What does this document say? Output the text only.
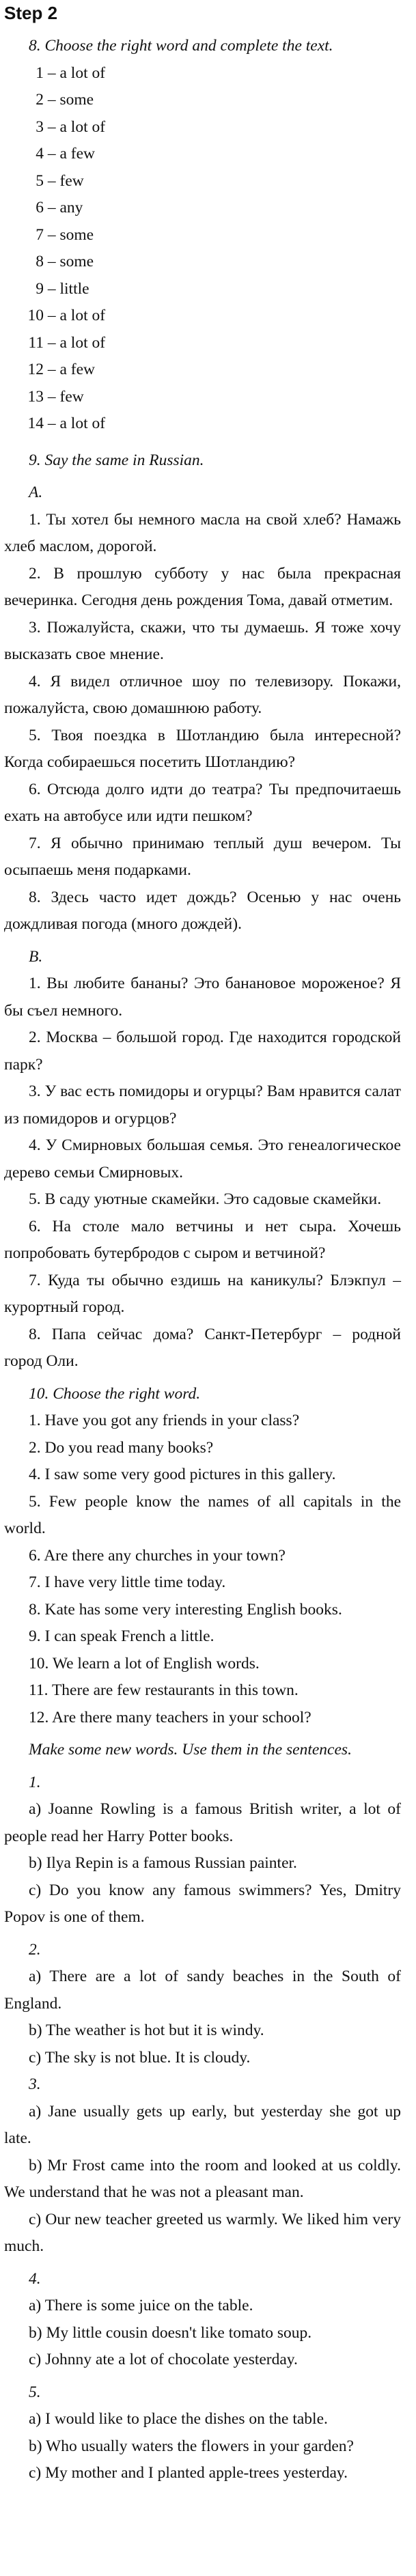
Step 2

8. Choose the right word and complete the text.

1 – a lot of
2 – some
3 – a lot of
4 – a few
5 – few
6 – any
7 – some
8 – some
9 – little
10 – a lot of
11 – a lot of
12 – a few
13 – few
14 – a lot of

9. Say the same in Russian.

A.

1. Ты хотел бы немного масла на свой хлеб? Намажь хлеб маслом, дорогой.

2. В прошлую субботу у нас была прекрасная вечеринка. Сегодня день рождения Тома, давай отметим.

3. Пожалуйста, скажи, что ты думаешь. Я тоже хочу высказать свое мнение.

4. Я видел отличное шоу по телевизору. Покажи, пожалуйста, свою домашнюю работу.

5. Твоя поездка в Шотландию была интересной? Когда собираешься посетить Шотландию?

6. Отсюда долго идти до театра? Ты предпочитаешь ехать на автобусе или идти пешком?

7. Я обычно принимаю теплый душ вечером. Ты осыпаешь меня подарками.

8. Здесь часто идет дождь? Осенью у нас очень дождливая погода (много дождей).

B.

1. Вы любите бананы? Это банановое мороженое? Я бы съел немного.

2. Москва – большой город. Где находится городской парк?

3. У вас есть помидоры и огурцы? Вам нравится салат из помидоров и огурцов?

4. У Смирновых большая семья. Это генеалогическое дерево семьи Смирновых.

5. В саду уютные скамейки. Это садовые скамейки.

6. На столе мало ветчины и нет сыра. Хочешь попробовать бутербродов с сыром и ветчиной?

7. Куда ты обычно ездишь на каникулы? Блэкпул – курортный город.

8. Папа сейчас дома? Санкт-Петербург – родной город Оли.

10. Choose the right word.

1. Have you got any friends in your class?

2. Do you read many books?

4. I saw some very good pictures in this gallery.

5. Few people know the names of all capitals in the world.

6. Are there any churches in your town?

7. I have very little time today.

8. Kate has some very interesting English books.

9. I can speak French a little.

10. We learn a lot of English words.

11. There are few restaurants in this town.

12. Are there many teachers in your school?

Make some new words. Use them in the sentences.

1.

a) Joanne Rowling is a famous British writer, a lot of people read her Harry Potter books.

b) Ilya Repin is a famous Russian painter.

c) Do you know any famous swimmers? Yes, Dmitry Popov is one of them.

2.

a) There are a lot of sandy beaches in the South of England.

b) The weather is hot but it is windy.

c) The sky is not blue. It is cloudy.

3.

a) Jane usually gets up early, but yesterday she got up late.

b) Mr Frost came into the room and looked at us coldly. We understand that he was not a pleasant man.

c) Our new teacher greeted us warmly. We liked him very much.

4.

a) There is some juice on the table.

b) My little cousin doesn't like tomato soup.

c) Johnny ate a lot of chocolate yesterday.

5.

a) I would like to place the dishes on the table.

b) Who usually waters the flowers in your garden?

c) My mother and I planted apple-trees yesterday.
